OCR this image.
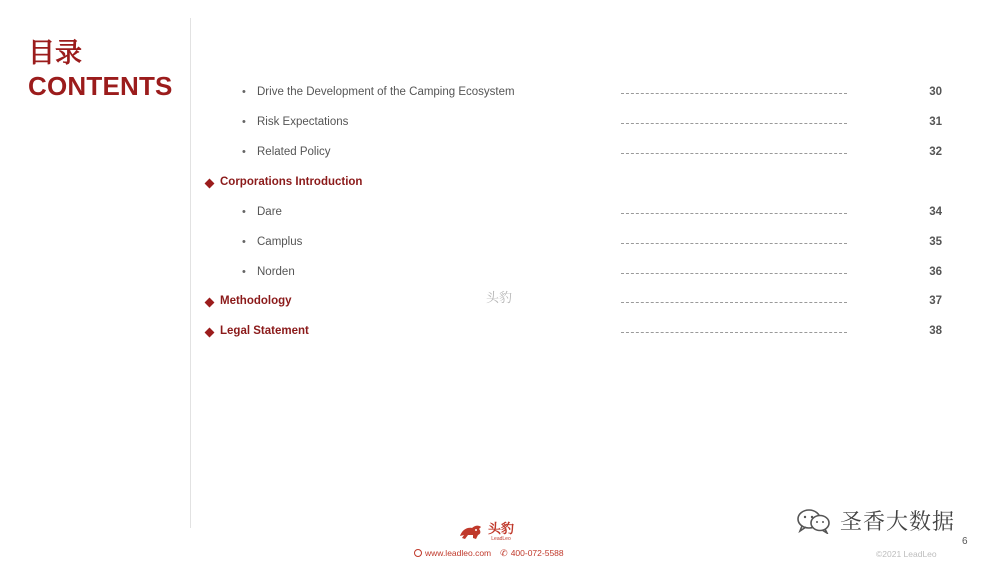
目录
CONTENTS	• Drive the Development of the Camping Ecosystem	30
• Risk Expectations	31
• Related Policy	32
Corporations Introduction
• Dare	34
• Camplus	35
• Norden	36
Methodology	37
Legal Statement	38
头豹
头豹
LeadLeo
www.leadleo.com ✆ 400-072-5588
圣香大数据
6
©2021 LeadLeo
